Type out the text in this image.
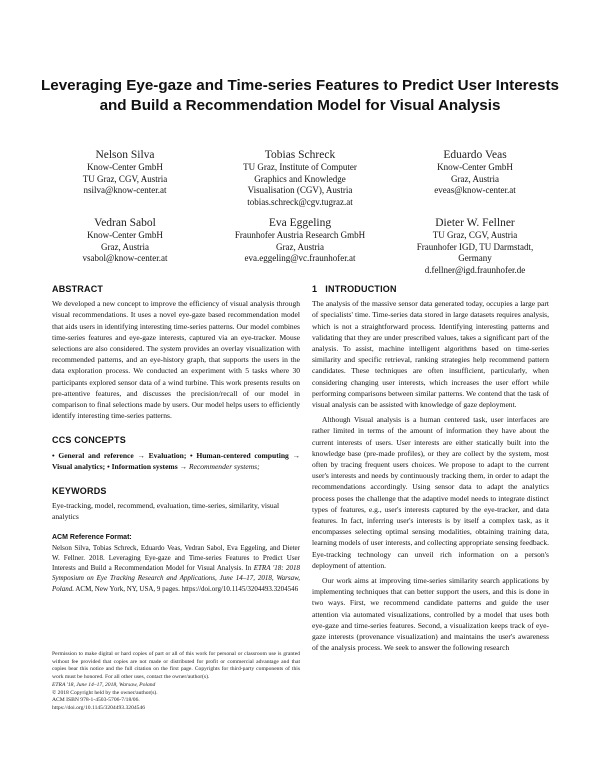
Leveraging Eye-gaze and Time-series Features to Predict User Interests and Build a Recommendation Model for Visual Analysis
Nelson Silva
Know-Center GmbH
TU Graz, CGV, Austria
nsilva@know-center.at
Tobias Schreck
TU Graz, Institute of Computer
Graphics and Knowledge
Visualisation (CGV), Austria
tobias.schreck@cgv.tugraz.at
Eduardo Veas
Know-Center GmbH
Graz, Austria
eveas@know-center.at
Vedran Sabol
Know-Center GmbH
Graz, Austria
vsabol@know-center.at
Eva Eggeling
Fraunhofer Austria Research GmbH
Graz, Austria
eva.eggeling@vc.fraunhofer.at
Dieter W. Fellner
TU Graz, CGV, Austria
Fraunhofer IGD, TU Darmstadt,
Germany
d.fellner@igd.fraunhofer.de
ABSTRACT

We developed a new concept to improve the efficiency of visual analysis through visual recommendations. It uses a novel eye-gaze based recommendation model that aids users in identifying interesting time-series patterns. Our model combines time-series features and eye-gaze interests, captured via an eye-tracker. Mouse selections are also considered. The system provides an overlay visualization with recommended patterns, and an eye-history graph, that supports the users in the data exploration process. We conducted an experiment with 5 tasks where 30 participants explored sensor data of a wind turbine. This work presents results on pre-attentive features, and discusses the precision/recall of our model in comparison to final selections made by users. Our model helps users to efficiently identify interesting time-series patterns.

CCS CONCEPTS

• General and reference → Evaluation; • Human-centered computing → Visual analytics; • Information systems → Recommender systems;

KEYWORDS

Eye-tracking, model, recommend, evaluation, time-series, similarity, visual analytics

ACM Reference Format:
Nelson Silva, Tobias Schreck, Eduardo Veas, Vedran Sabol, Eva Eggeling, and Dieter W. Fellner. 2018. Leveraging Eye-gaze and Time-series Features to Predict User Interests and Build a Recommendation Model for Visual Analysis. In ETRA '18: 2018 Symposium on Eye Tracking Research and Applications, June 14–17, 2018, Warsaw, Poland. ACM, New York, NY, USA, 9 pages. https://doi.org/10.1145/3204493.3204546

Permission to make digital or hard copies of part or all of this work for personal or classroom use is granted without fee provided that copies are not made or distributed for profit or commercial advantage and that copies bear this notice and the full citation on the first page. Copyrights for third-party components of this work must be honored. For all other uses, contact the owner/author(s).

ETRA '18, June 14–17, 2018, Warsaw, Poland

© 2018 Copyright held by the owner/author(s).

ACM ISBN 978-1-4503-5706-7/18/06.

https://doi.org/10.1145/3204493.3204546

1   INTRODUCTION

The analysis of the massive sensor data generated today, occupies a large part of specialists' time. Time-series data stored in large datasets requires analysis, which is not a straightforward process. Identifying interesting patterns and validating that they are under prescribed values, takes a significant part of the analysis. To assist, machine intelligent algorithms based on time-series similarity and specific retrieval, ranking strategies help recommend pattern candidates. These techniques are often insufficient, particularly, when considering changing user interests, which increases the user effort while performing comparisons between similar patterns. We contend that the task of visual analysis can be assisted with knowledge of gaze deployment.

Although Visual analysis is a human centered task, user interfaces are rather limited in terms of the amount of information they have about the current interests of users. User interests are either statically built into the knowledge base (pre-made profiles), or they are collect by the system, most often by tracing frequent users choices. We propose to adapt to the current user's interests and needs by continuously tracking them, in order to adapt the recommendations accordingly. Using sensor data to adapt the analytics process poses the challenge that the adaptive model needs to integrate distinct types of features, e.g., user's interests captured by the eye-tracker, and data features. In fact, inferring user's interests is by itself a complex task, as it encompasses selecting optimal sensing modalities, obtaining training data, learning models of user interests, and collecting appropriate sensing feedback. Eye-tracking technology can unveil rich information on a person's deployment of attention.

Our work aims at improving time-series similarity search applications by implementing techniques that can better support the users, and this is done in two ways. First, we recommend candidate patterns and guide the user attention via automated visualizations, controlled by a model that uses both eye-gaze and time-series features. Second, a visualization keeps track of eye-gaze interests (provenance visualization) and maintains the user's awareness of the analysis process. We seek to answer the following research
